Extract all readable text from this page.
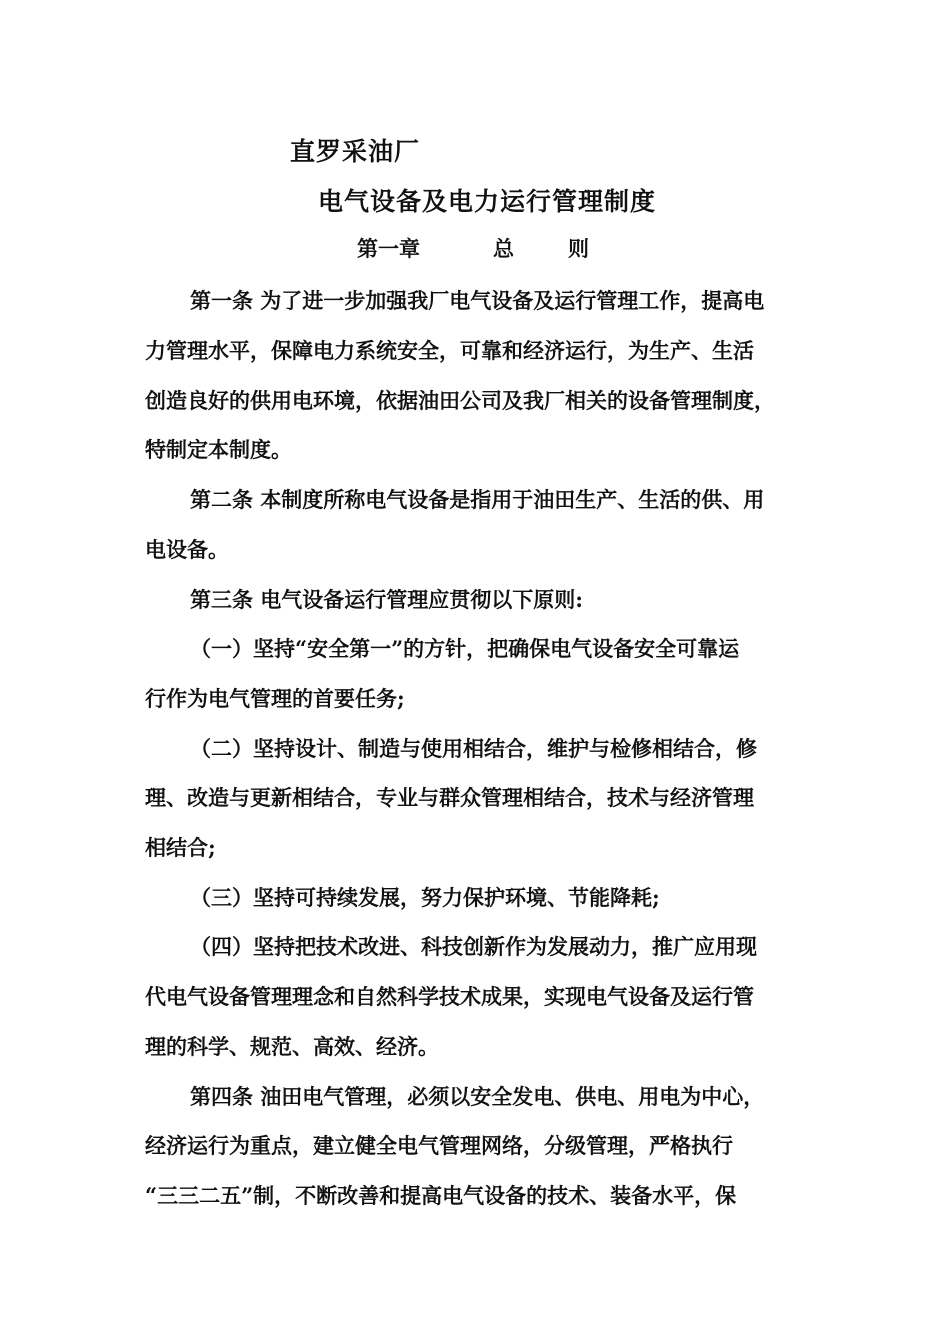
直罗采油厂
电气设备及电力运行管理制度
第一章	总	则
第一条 为了进一步加强我厂电气设备及运行管理工作，提高电
力管理水平，保障电力系统安全，可靠和经济运行，为生产、生活
创造良好的供用电环境，依据油田公司及我厂相关的设备管理制度，
特制定本制度。
第二条 本制度所称电气设备是指用于油田生产、生活的供、用
电设备。
第三条 电气设备运行管理应贯彻以下原则:
（一）坚持“安全第一”的方针，把确保电气设备安全可靠运
行作为电气管理的首要任务;
（二）坚持设计、制造与使用相结合，维护与检修相结合，修
理、改造与更新相结合，专业与群众管理相结合，技术与经济管理
相结合;
（三）坚持可持续发展，努力保护环境、节能降耗;
（四）坚持把技术改进、科技创新作为发展动力，推广应用现
代电气设备管理理念和自然科学技术成果，实现电气设备及运行管
理的科学、规范、高效、经济。
第四条 油田电气管理，必须以安全发电、供电、用电为中心，
经济运行为重点，建立健全电气管理网络，分级管理，严格执行
“三三二五”制，不断改善和提高电气设备的技术、装备水平，保
